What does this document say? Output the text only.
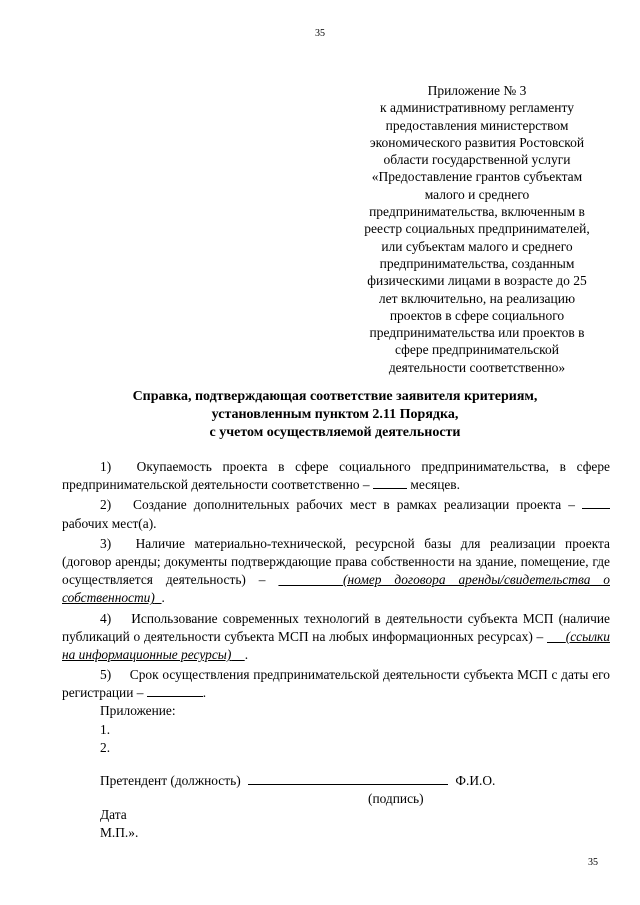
35
Приложение № 3
к административному регламенту
предоставления министерством
экономического развития Ростовской
области государственной услуги
«Предоставление грантов субъектам
малого и среднего
предпринимательства, включенным в
реестр социальных предпринимателей,
или субъектам малого и среднего
предпринимательства, созданным
физическими лицами в возрасте до 25
лет включительно, на реализацию
проектов в сфере социального
предпринимательства или проектов в
сфере предпринимательской
деятельности соответственно»
Справка, подтверждающая соответствие заявителя критериям,
установленным пунктом 2.11 Порядка,
с учетом осуществляемой деятельности
1) Окупаемость проекта в сфере социального предпринимательства, в сфере предпринимательской деятельности соответственно –	месяцев.
2) Создание дополнительных рабочих мест в рамках реализации проекта –  рабочих мест(а).
3) Наличие материально-технической, ресурсной базы для реализации проекта (договор аренды; документы подтверждающие права собственности на здание, помещение, где осуществляется деятельность) –	(номер договора аренды/свидетельства о собственности) .
4) Использование современных технологий в деятельности субъекта МСП (наличие публикаций о деятельности субъекта МСП на любых информационных ресурсах) – (ссылки на информационные ресурсы) .
5) Срок осуществления предпринимательской деятельности субъекта МСП с даты его регистрации –	.
Приложение:
1.
2.
Претендент (должность)	Ф.И.О.
(подпись)
Дата
М.П.».
35
